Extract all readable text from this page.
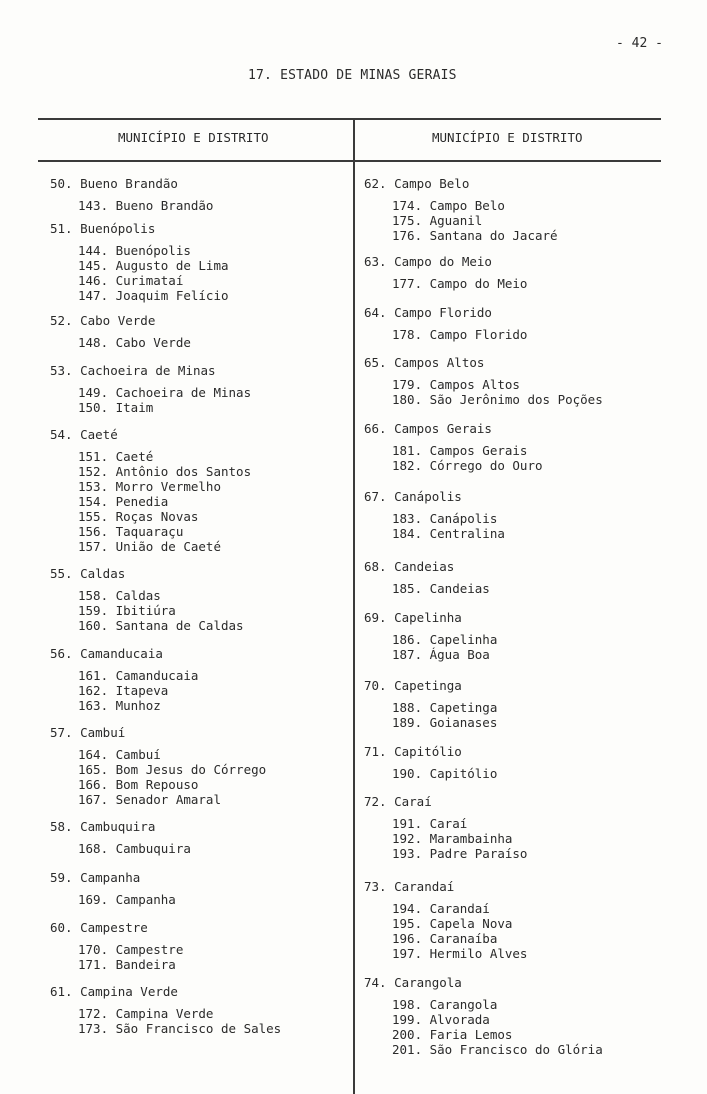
- 42 -
17. ESTADO DE MINAS GERAIS
MUNICÍPIO E DISTRITO	MUNICÍPIO E DISTRITO
50. Bueno Brandão
143. Bueno Brandão
51. Buenópolis
144. Buenópolis
145. Augusto de Lima
146. Curimataí
147. Joaquim Felício
52. Cabo Verde
148. Cabo Verde
53. Cachoeira de Minas
149. Cachoeira de Minas
150. Itaim
54. Caeté
151. Caeté
152. Antônio dos Santos
153. Morro Vermelho
154. Penedia
155. Roças Novas
156. Taquaraçu
157. União de Caeté
55. Caldas
158. Caldas
159. Ibitiúra
160. Santana de Caldas
56. Camanducaia
161. Camanducaia
162. Itapeva
163. Munhoz
57. Cambuí
164. Cambuí
165. Bom Jesus do Córrego
166. Bom Repouso
167. Senador Amaral
58. Cambuquira
168. Cambuquira
59. Campanha
169. Campanha
60. Campestre
170. Campestre
171. Bandeira
61. Campina Verde
172. Campina Verde
173. São Francisco de Sales
62. Campo Belo
174. Campo Belo
175. Aguanil
176. Santana do Jacaré
63. Campo do Meio
177. Campo do Meio
64. Campo Florido
178. Campo Florido
65. Campos Altos
179. Campos Altos
180. São Jerônimo dos Poções
66. Campos Gerais
181. Campos Gerais
182. Córrego do Ouro
67. Canápolis
183. Canápolis
184. Centralina
68. Candeias
185. Candeias
69. Capelinha
186. Capelinha
187. Água Boa
70. Capetinga
188. Capetinga
189. Goianases
71. Capitólio
190. Capitólio
72. Caraí
191. Caraí
192. Marambainha
193. Padre Paraíso
73. Carandaí
194. Carandaí
195. Capela Nova
196. Caranaíba
197. Hermilo Alves
74. Carangola
198. Carangola
199. Alvorada
200. Faria Lemos
201. São Francisco do Glória
